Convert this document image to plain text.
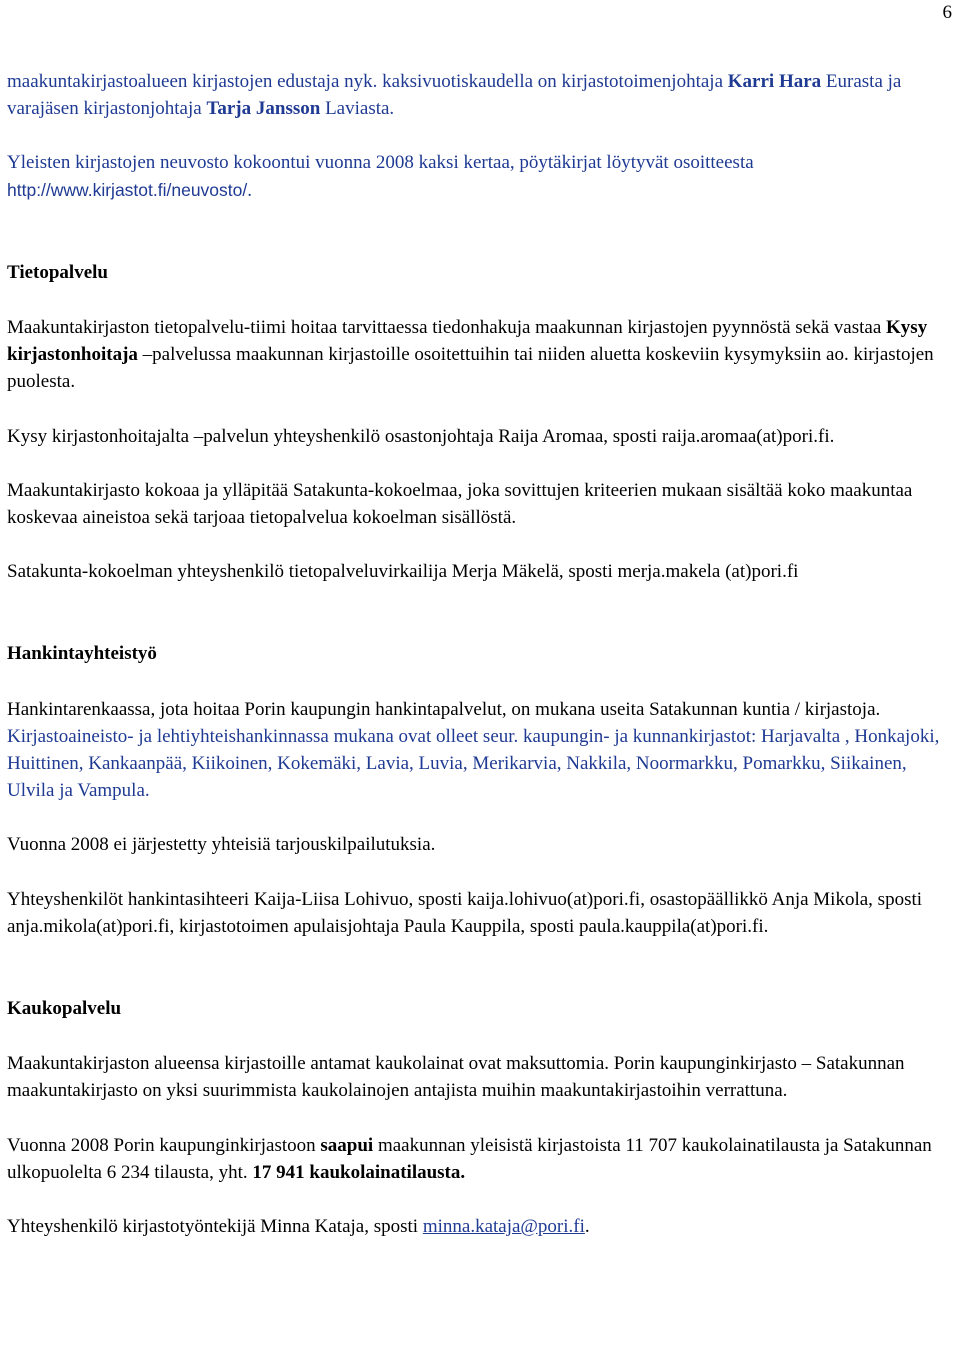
6

maakuntakirjastoalueen kirjastojen edustaja nyk. kaksivuotiskaudella on kirjastotoimenjohtaja Karri Hara Eurasta ja varajäsen kirjastonjohtaja Tarja Jansson Laviasta.

Yleisten kirjastojen neuvosto kokoontui vuonna 2008 kaksi kertaa, pöytäkirjat löytyvät osoitteesta
http://www.kirjastot.fi/neuvosto/.

Tietopalvelu

Maakuntakirjaston tietopalvelu-tiimi hoitaa tarvittaessa tiedonhakuja maakunnan kirjastojen pyynnöstä sekä vastaa Kysy kirjastonhoitaja –palvelussa maakunnan kirjastoille osoitettuihin tai niiden aluetta koskeviin kysymyksiin ao. kirjastojen puolesta.

Kysy kirjastonhoitajalta –palvelun yhteyshenkilö osastonjohtaja Raija Aromaa, sposti raija.aromaa(at)pori.fi.

Maakuntakirjasto kokoaa ja ylläpitää Satakunta-kokoelmaa, joka sovittujen kriteerien mukaan sisältää koko maakuntaa koskevaa aineistoa sekä tarjoaa tietopalvelua kokoelman sisällöstä.

Satakunta-kokoelman yhteyshenkilö tietopalveluvirkailija Merja Mäkelä, sposti merja.makela (at)pori.fi

Hankintayhteistyö

Hankintarenkaassa, jota hoitaa Porin kaupungin hankintapalvelut, on mukana useita Satakunnan kuntia / kirjastoja. Kirjastoaineisto- ja lehtiyhteishankinnassa mukana ovat olleet seur. kaupungin- ja kunnankirjastot: Harjavalta , Honkajoki, Huittinen, Kankaanpää, Kiikoinen, Kokemäki, Lavia, Luvia, Merikarvia, Nakkila, Noormarkku, Pomarkku, Siikainen, Ulvila ja Vampula.

Vuonna 2008 ei järjestetty yhteisiä tarjouskilpailutuksia.

Yhteyshenkilöt hankintasihteeri Kaija-Liisa Lohivuo, sposti kaija.lohivuo(at)pori.fi, osastopäällikkö Anja Mikola, sposti anja.mikola(at)pori.fi, kirjastotoimen apulaisjohtaja Paula Kauppila, sposti paula.kauppila(at)pori.fi.

Kaukopalvelu

Maakuntakirjaston alueensa kirjastoille antamat kaukolainat ovat maksuttomia. Porin kaupunginkirjasto – Satakunnan maakuntakirjasto on yksi suurimmista kaukolainojen antajista muihin maakuntakirjastoihin verrattuna.

Vuonna 2008 Porin kaupunginkirjastoon saapui maakunnan yleisistä kirjastoista 11 707 kaukolainatilausta ja Satakunnan ulkopuolelta 6 234 tilausta, yht. 17 941 kaukolainatilausta.

Yhteyshenkilö kirjastotyöntekijä Minna Kataja, sposti minna.kataja@pori.fi.
